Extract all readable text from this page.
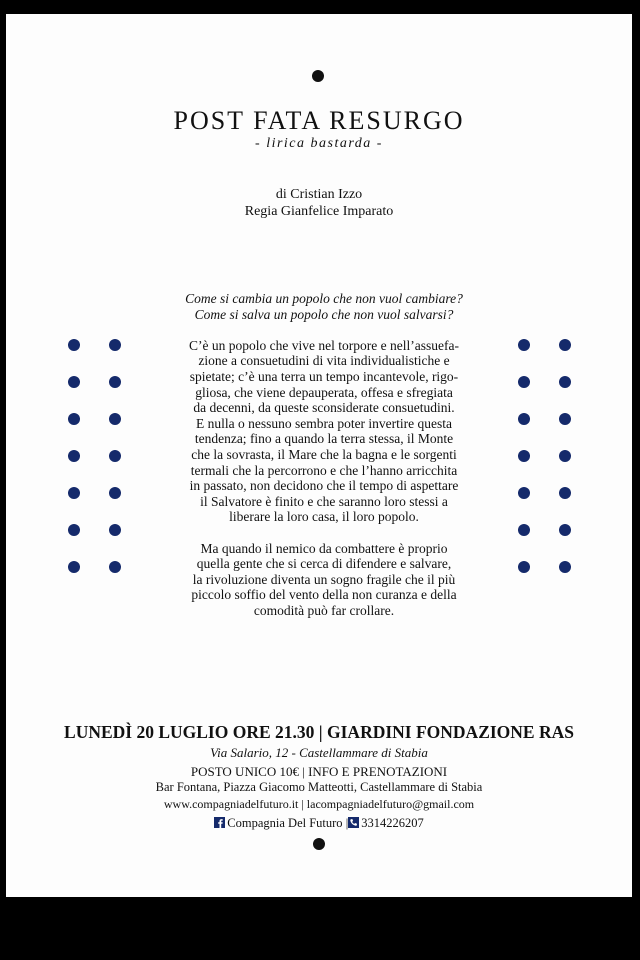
POST FATA RESURGO
- lirica bastarda -
di Cristian Izzo
Regia Gianfelice Imparato

Come si cambia un popolo che non vuol cambiare?
Come si salva un popolo che non vuol salvarsi?

C’è un popolo che vive nel torpore e nell’assuefa-
zione a consuetudini di vita individualistiche e
spietate; c’è una terra un tempo incantevole, rigo-
gliosa, che viene depauperata, offesa e sfregiata
da decenni, da queste sconsiderate consuetudini.
E nulla o nessuno sembra poter invertire questa
tendenza; fino a quando la terra stessa, il Monte
che la sovrasta, il Mare che la bagna e le sorgenti
termali che la percorrono e che l’hanno arricchita
in passato, non decidono che il tempo di aspettare
il Salvatore è finito e che saranno loro stessi a
liberare la loro casa, il loro popolo.

Ma quando il nemico da combattere è proprio
quella gente che si cerca di difendere e salvare,
la rivoluzione diventa un sogno fragile che il più
piccolo soffio del vento della non curanza e della
comodità può far crollare.

LUNEDÌ 20 LUGLIO ORE 21.30 | GIARDINI FONDAZIONE RAS
Via Salario, 12 - Castellammare di Stabia
POSTO UNICO 10€ | INFO E PRENOTAZIONI
Bar Fontana, Piazza Giacomo Matteotti, Castellammare di Stabia
www.compagniadelfuturo.it | lacompagniadelfuturo@gmail.com
Compagnia Del Futuro | 3314226207
